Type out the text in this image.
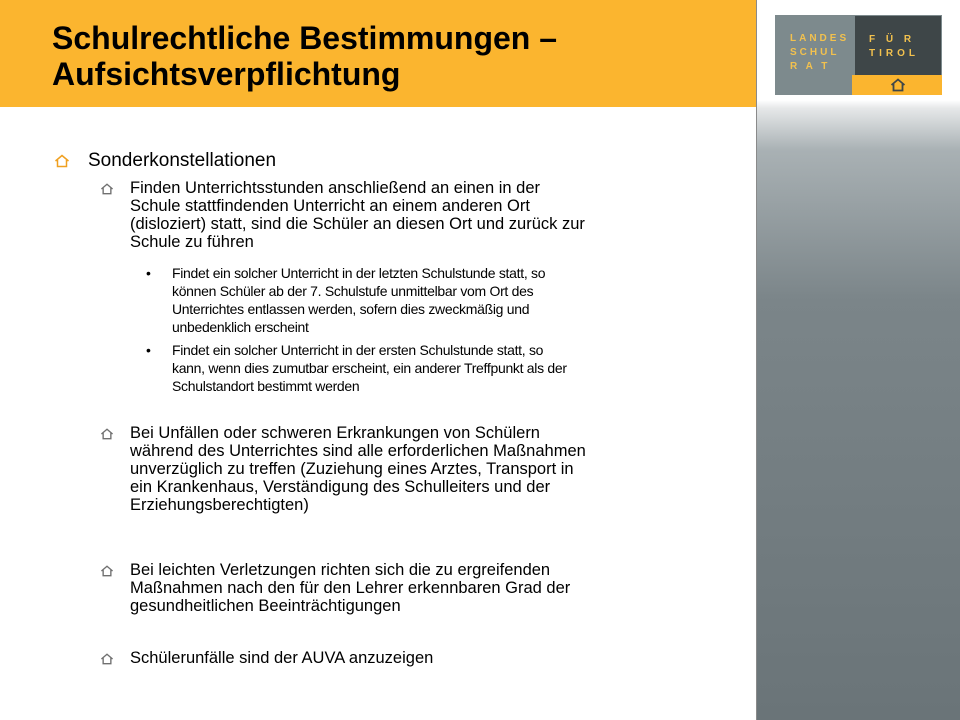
Schulrechtliche Bestimmungen –
Aufsichtsverpflichtung
LANDES
SCHUL
R A T
F Ü R
TIROL
Sonderkonstellationen
Finden Unterrichtsstunden anschließend an einen in der
Schule stattfindenden Unterricht an einem anderen Ort
(disloziert) statt, sind die Schüler an diesen Ort und zurück zur
Schule zu führen
• Findet ein solcher Unterricht in der letzten Schulstunde statt, so
können Schüler ab der 7. Schulstufe unmittelbar vom Ort des
Unterrichtes entlassen werden, sofern dies zweckmäßig und
unbedenklich erscheint
• Findet ein solcher Unterricht in der ersten Schulstunde statt, so
kann, wenn dies zumutbar erscheint, ein anderer Treffpunkt als der
Schulstandort bestimmt werden
Bei Unfällen oder schweren Erkrankungen von Schülern
während des Unterrichtes sind alle erforderlichen Maßnahmen
unverzüglich zu treffen (Zuziehung eines Arztes, Transport in
ein Krankenhaus, Verständigung des Schulleiters und der
Erziehungsberechtigten)
Bei leichten Verletzungen richten sich die zu ergreifenden
Maßnahmen nach den für den Lehrer erkennbaren Grad der
gesundheitlichen Beeinträchtigungen
Schülerunfälle sind der AUVA anzuzeigen
